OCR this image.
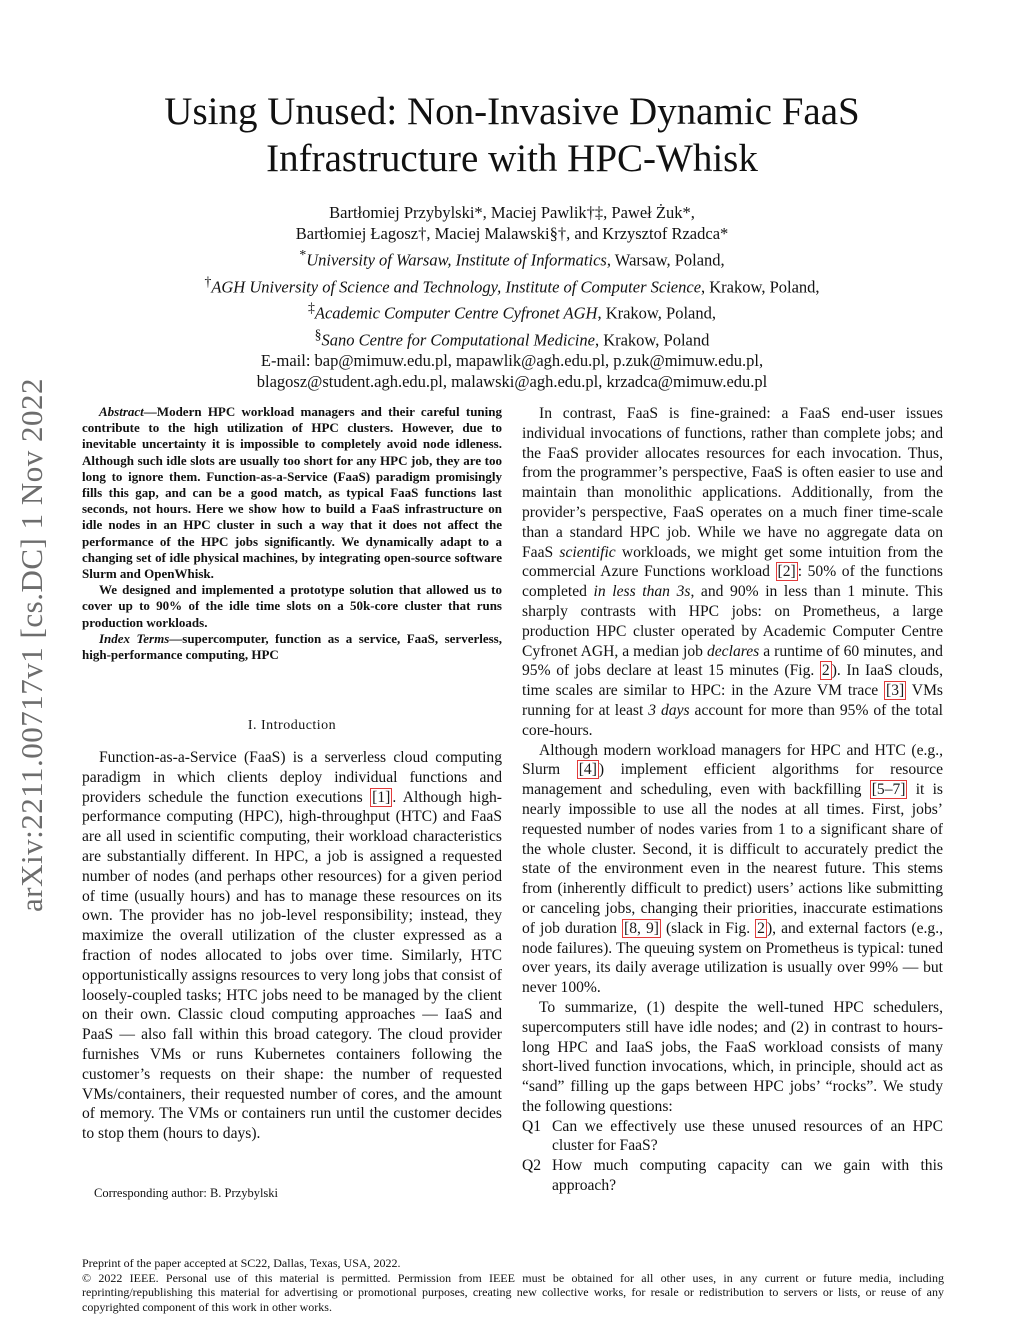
arXiv:2211.00717v1 [cs.DC] 1 Nov 2022
Using Unused: Non-Invasive Dynamic FaaS
Infrastructure with HPC-Whisk
Bartłomiej Przybylski*, Maciej Pawlik†‡, Paweł Żuk*,
Bartłomiej Łagosz†, Maciej Malawski§†, and Krzysztof Rzadca*
*University of Warsaw, Institute of Informatics, Warsaw, Poland,
†AGH University of Science and Technology, Institute of Computer Science, Krakow, Poland,
‡Academic Computer Centre Cyfronet AGH, Krakow, Poland,
§Sano Centre for Computational Medicine, Krakow, Poland
E-mail: bap@mimuw.edu.pl, mapawlik@agh.edu.pl, p.zuk@mimuw.edu.pl,
blagosz@student.agh.edu.pl, malawski@agh.edu.pl, krzadca@mimuw.edu.pl

Abstract—Modern HPC workload managers and their careful tuning contribute to the high utilization of HPC clusters. However, due to inevitable uncertainty it is impossible to completely avoid node idleness. Although such idle slots are usually too short for any HPC job, they are too long to ignore them. Function-as-a-Service (FaaS) paradigm promisingly fills this gap, and can be a good match, as typical FaaS functions last seconds, not hours. Here we show how to build a FaaS infrastructure on idle nodes in an HPC cluster in such a way that it does not affect the performance of the HPC jobs significantly. We dynamically adapt to a changing set of idle physical machines, by integrating open-source software Slurm and OpenWhisk.

We designed and implemented a prototype solution that allowed us to cover up to 90% of the idle time slots on a 50k-core cluster that runs production workloads.

Index Terms—supercomputer, function as a service, FaaS, serverless, high-performance computing, HPC

I. Introduction

Function-as-a-Service (FaaS) is a serverless cloud computing paradigm in which clients deploy individual functions and providers schedule the function executions [1] . Although high-performance computing (HPC), high-throughput (HTC) and FaaS are all used in scientific computing, their workload characteristics are substantially different. In HPC, a job is assigned a requested number of nodes (and perhaps other resources) for a given period of time (usually hours) and has to manage these resources on its own. The provider has no job-level responsibility; instead, they maximize the overall utilization of the cluster expressed as a fraction of nodes allocated to jobs over time. Similarly, HTC opportunistically assigns resources to very long jobs that consist of loosely-coupled tasks; HTC jobs need to be managed by the client on their own. Classic cloud computing approaches — IaaS and PaaS — also fall within this broad category. The cloud provider furnishes VMs or runs Kubernetes containers following the customer’s requests on their shape: the number of requested VMs/containers, their requested number of cores, and the amount of memory. The VMs or containers run until the customer decides to stop them (hours to days).

Corresponding author: B. Przybylski

In contrast, FaaS is fine-grained: a FaaS end-user issues individual invocations of functions, rather than complete jobs; and the FaaS provider allocates resources for each invocation. Thus, from the programmer’s perspective, FaaS is often easier to use and maintain than monolithic applications. Additionally, from the provider’s perspective, FaaS operates on a much finer time-scale than a standard HPC job. While we have no aggregate data on FaaS scientific workloads, we might get some intuition from the commercial Azure Functions workload [2] : 50% of the functions completed in less than 3s, and 90% in less than 1 minute. This sharply contrasts with HPC jobs: on Prometheus, a large production HPC cluster operated by Academic Computer Centre Cyfronet AGH, a median job declares a runtime of 60 minutes, and 95% of jobs declare at least 15 minutes (Fig. 2 ). In IaaS clouds, time scales are similar to HPC: in the Azure VM trace [3] VMs running for at least 3 days account for more than 95% of the total core-hours.

Although modern workload managers for HPC and HTC (e.g., Slurm [4] ) implement efficient algorithms for resource management and scheduling, even with backfilling [5–7] it is nearly impossible to use all the nodes at all times. First, jobs’ requested number of nodes varies from 1 to a significant share of the whole cluster. Second, it is difficult to accurately predict the state of the environment even in the nearest future. This stems from (inherently difficult to predict) users’ actions like submitting or canceling jobs, changing their priorities, inaccurate estimations of job duration [8, 9] (slack in Fig. 2 ), and external factors (e.g., node failures). The queuing system on Prometheus is typical: tuned over years, its daily average utilization is usually over 99% — but never 100%.

To summarize, (1) despite the well-tuned HPC schedulers, supercomputers still have idle nodes; and (2) in contrast to hours-long HPC and IaaS jobs, the FaaS workload consists of many short-lived function invocations, which, in principle, should act as “sand” filling up the gaps between HPC jobs’ “rocks”. We study the following questions:

Q1 Can we effectively use these unused resources of an HPC cluster for FaaS?
Q2 How much computing capacity can we gain with this approach?
Preprint of the paper accepted at SC22, Dallas, Texas, USA, 2022.
© 2022 IEEE. Personal use of this material is permitted. Permission from IEEE must be obtained for all other uses, in any current or future media, including reprinting/republishing this material for advertising or promotional purposes, creating new collective works, for resale or redistribution to servers or lists, or reuse of any copyrighted component of this work in other works.
